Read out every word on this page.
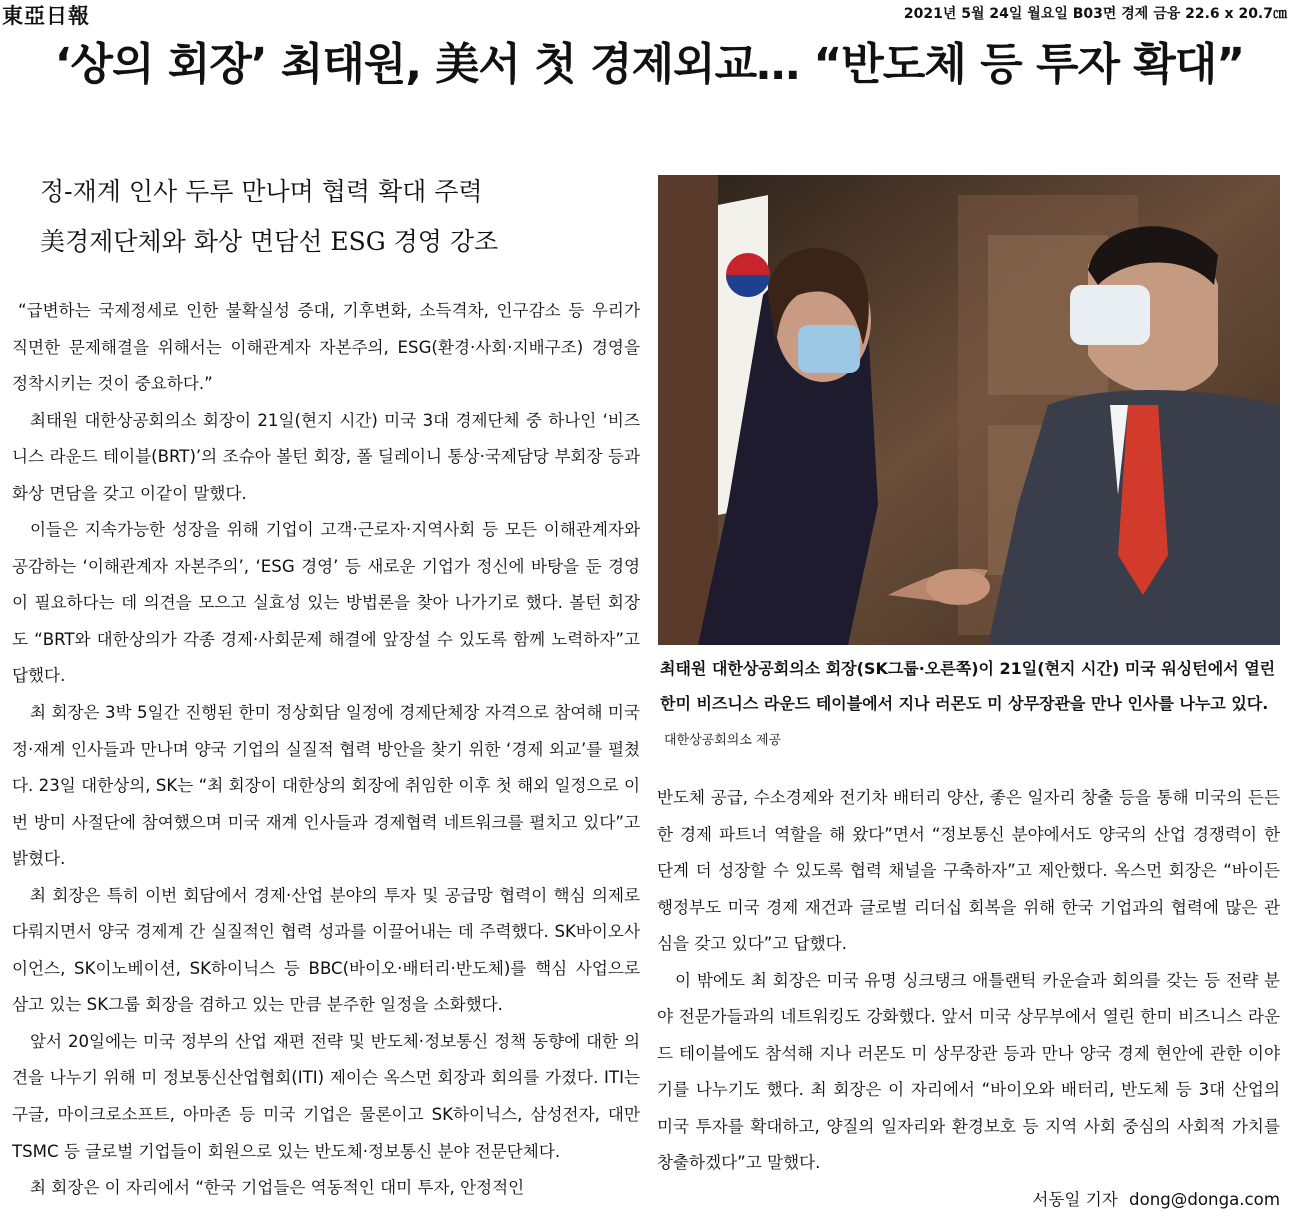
東亞日報	2021년 5월 24일 월요일 B03면 경제 금융 22.6 x 20.7㎝
‘상의 회장’ 최태원, 美서 첫 경제외교… “반도체 등 투자 확대”
정-재계 인사 두루 만나며 협력 확대 주력
美경제단체와 화상 면담선 ESG 경영 강조

“급변하는 국제정세로 인한 불확실성 증대, 기후변화, 소득격차, 인구감소 등 우리가 직면한 문제해결을 위해서는 이해관계자 자본주의, ESG(환경·사회·지배구조) 경영을 정착시키는 것이 중요하다.”

최태원 대한상공회의소 회장이 21일(현지 시간) 미국 3대 경제단체 중 하나인 ‘비즈니스 라운드 테이블(BRT)’의 조슈아 볼턴 회장, 폴 딜레이니 통상·국제담당 부회장 등과 화상 면담을 갖고 이같이 말했다.

이들은 지속가능한 성장을 위해 기업이 고객·근로자·지역사회 등 모든 이해관계자와 공감하는 ‘이해관계자 자본주의’, ‘ESG 경영’ 등 새로운 기업가 정신에 바탕을 둔 경영이 필요하다는 데 의견을 모으고 실효성 있는 방법론을 찾아 나가기로 했다. 볼턴 회장도 “BRT와 대한상의가 각종 경제·사회문제 해결에 앞장설 수 있도록 함께 노력하자”고 답했다.

최 회장은 3박 5일간 진행된 한미 정상회담 일정에 경제단체장 자격으로 참여해 미국 정·재계 인사들과 만나며 양국 기업의 실질적 협력 방안을 찾기 위한 ‘경제 외교’를 펼쳤다. 23일 대한상의, SK는 “최 회장이 대한상의 회장에 취임한 이후 첫 해외 일정으로 이번 방미 사절단에 참여했으며 미국 재계 인사들과 경제협력 네트워크를 펼치고 있다”고 밝혔다.

최 회장은 특히 이번 회담에서 경제·산업 분야의 투자 및 공급망 협력이 핵심 의제로 다뤄지면서 양국 경제계 간 실질적인 협력 성과를 이끌어내는 데 주력했다. SK바이오사이언스, SK이노베이션, SK하이닉스 등 BBC(바이오·배터리·반도체)를 핵심 사업으로 삼고 있는 SK그룹 회장을 겸하고 있는 만큼 분주한 일정을 소화했다.

앞서 20일에는 미국 정부의 산업 재편 전략 및 반도체·정보통신 정책 동향에 대한 의견을 나누기 위해 미 정보통신산업협회(ITI) 제이슨 옥스먼 회장과 회의를 가졌다. ITI는 구글, 마이크로소프트, 아마존 등 미국 기업은 물론이고 SK하이닉스, 삼성전자, 대만 TSMC 등 글로벌 기업들이 회원으로 있는 반도체·정보통신 분야 전문단체다.

최 회장은 이 자리에서 “한국 기업들은 역동적인 대미 투자, 안정적인

최태원 대한상공회의소 회장(SK그룹·오른쪽)이 21일(현지 시간) 미국 워싱턴에서 열린 한미 비즈니스 라운드 테이블에서 지나 러몬도 미 상무장관을 만나 인사를 나누고 있다. 대한상공회의소 제공

반도체 공급, 수소경제와 전기차 배터리 양산, 좋은 일자리 창출 등을 통해 미국의 든든한 경제 파트너 역할을 해 왔다”면서 “정보통신 분야에서도 양국의 산업 경쟁력이 한 단계 더 성장할 수 있도록 협력 채널을 구축하자”고 제안했다. 옥스먼 회장은 “바이든 행정부도 미국 경제 재건과 글로벌 리더십 회복을 위해 한국 기업과의 협력에 많은 관심을 갖고 있다”고 답했다.

이 밖에도 최 회장은 미국 유명 싱크탱크 애틀랜틱 카운슬과 회의를 갖는 등 전략 분야 전문가들과의 네트워킹도 강화했다. 앞서 미국 상무부에서 열린 한미 비즈니스 라운드 테이블에도 참석해 지나 러몬도 미 상무장관 등과 만나 양국 경제 현안에 관한 이야기를 나누기도 했다. 최 회장은 이 자리에서 “바이오와 배터리, 반도체 등 3대 산업의 미국 투자를 확대하고, 양질의 일자리와 환경보호 등 지역 사회 중심의 사회적 가치를 창출하겠다”고 말했다.

서동일 기자 dong@donga.com
